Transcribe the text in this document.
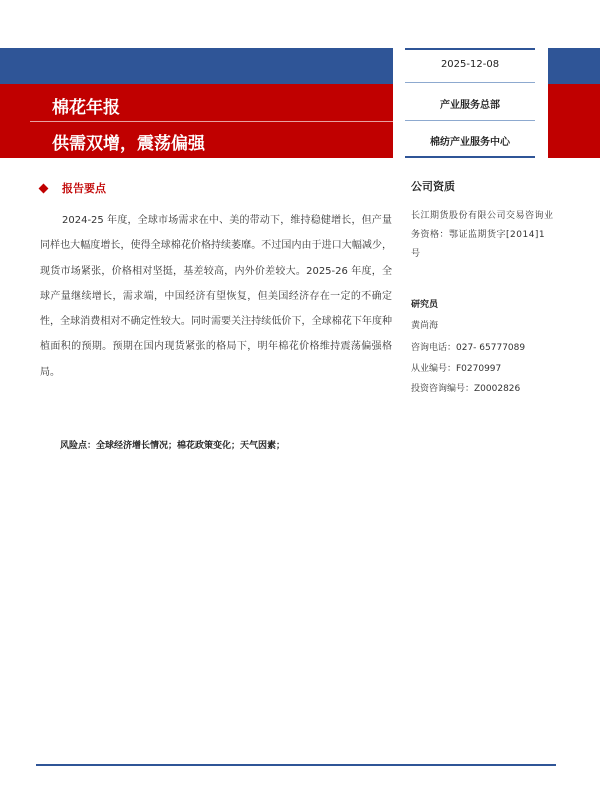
棉花年报
供需双增，震荡偏强
2025-12-08
产业服务总部
棉纺产业服务中心
报告要点
2024-25 年度，全球市场需求在中、美的带动下，维持稳健增长，但产量同样也大幅度增长，使得全球棉花价格持续萎靡。不过国内由于进口大幅减少，现货市场紧张，价格相对坚挺，基差较高，内外价差较大。2025-26 年度，全球产量继续增长，需求端，中国经济有望恢复，但美国经济存在一定的不确定性，全球消费相对不确定性较大。同时需要关注持续低价下，全球棉花下年度种植面积的预期。预期在国内现货紧张的格局下，明年棉花价格维持震荡偏强格局。
风险点：全球经济增长情况；棉花政策变化；天气因素；
公司资质
长江期货股份有限公司交易咨询业务资格：鄂证监期货字[2014]1 号
研究员
黄尚海
咨询电话：027- 65777089
从业编号：F0270997
投资咨询编号：Z0002826
